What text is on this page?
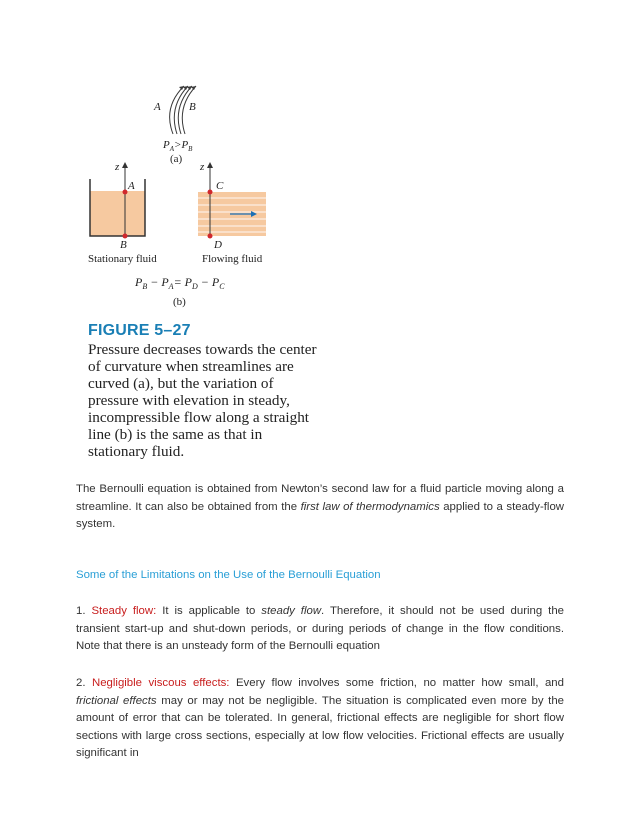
A	B
$P_A>P_B$
(a)
z
A
B
Stationary fluid
z
C
D
Flowing fluid
$P_B - P_A= P_D - P_C$
(b)
FIGURE 5–27
Pressure decreases towards the center
of curvature when streamlines are
curved (a), but the variation of
pressure with elevation in steady,
incompressible flow along a straight
line (b) is the same as that in
stationary fluid.
The Bernoulli equation is obtained from Newton’s second law for a fluid particle moving along a streamline. It can also be obtained from the first law of thermodynamics applied to a steady-flow system.
Some of the Limitations on the Use of the Bernoulli Equation
1. Steady flow: It is applicable to steady flow. Therefore, it should not be used during the transient start-up and shut-down periods, or during periods of change in the flow conditions. Note that there is an unsteady form of the Bernoulli equation
2. Negligible viscous effects: Every flow involves some friction, no matter how small, and frictional effects may or may not be negligible. The situation is complicated even more by the amount of error that can be tolerated. In general, frictional effects are negligible for short flow sections with large cross sections, especially at low flow velocities. Frictional effects are usually significant in
